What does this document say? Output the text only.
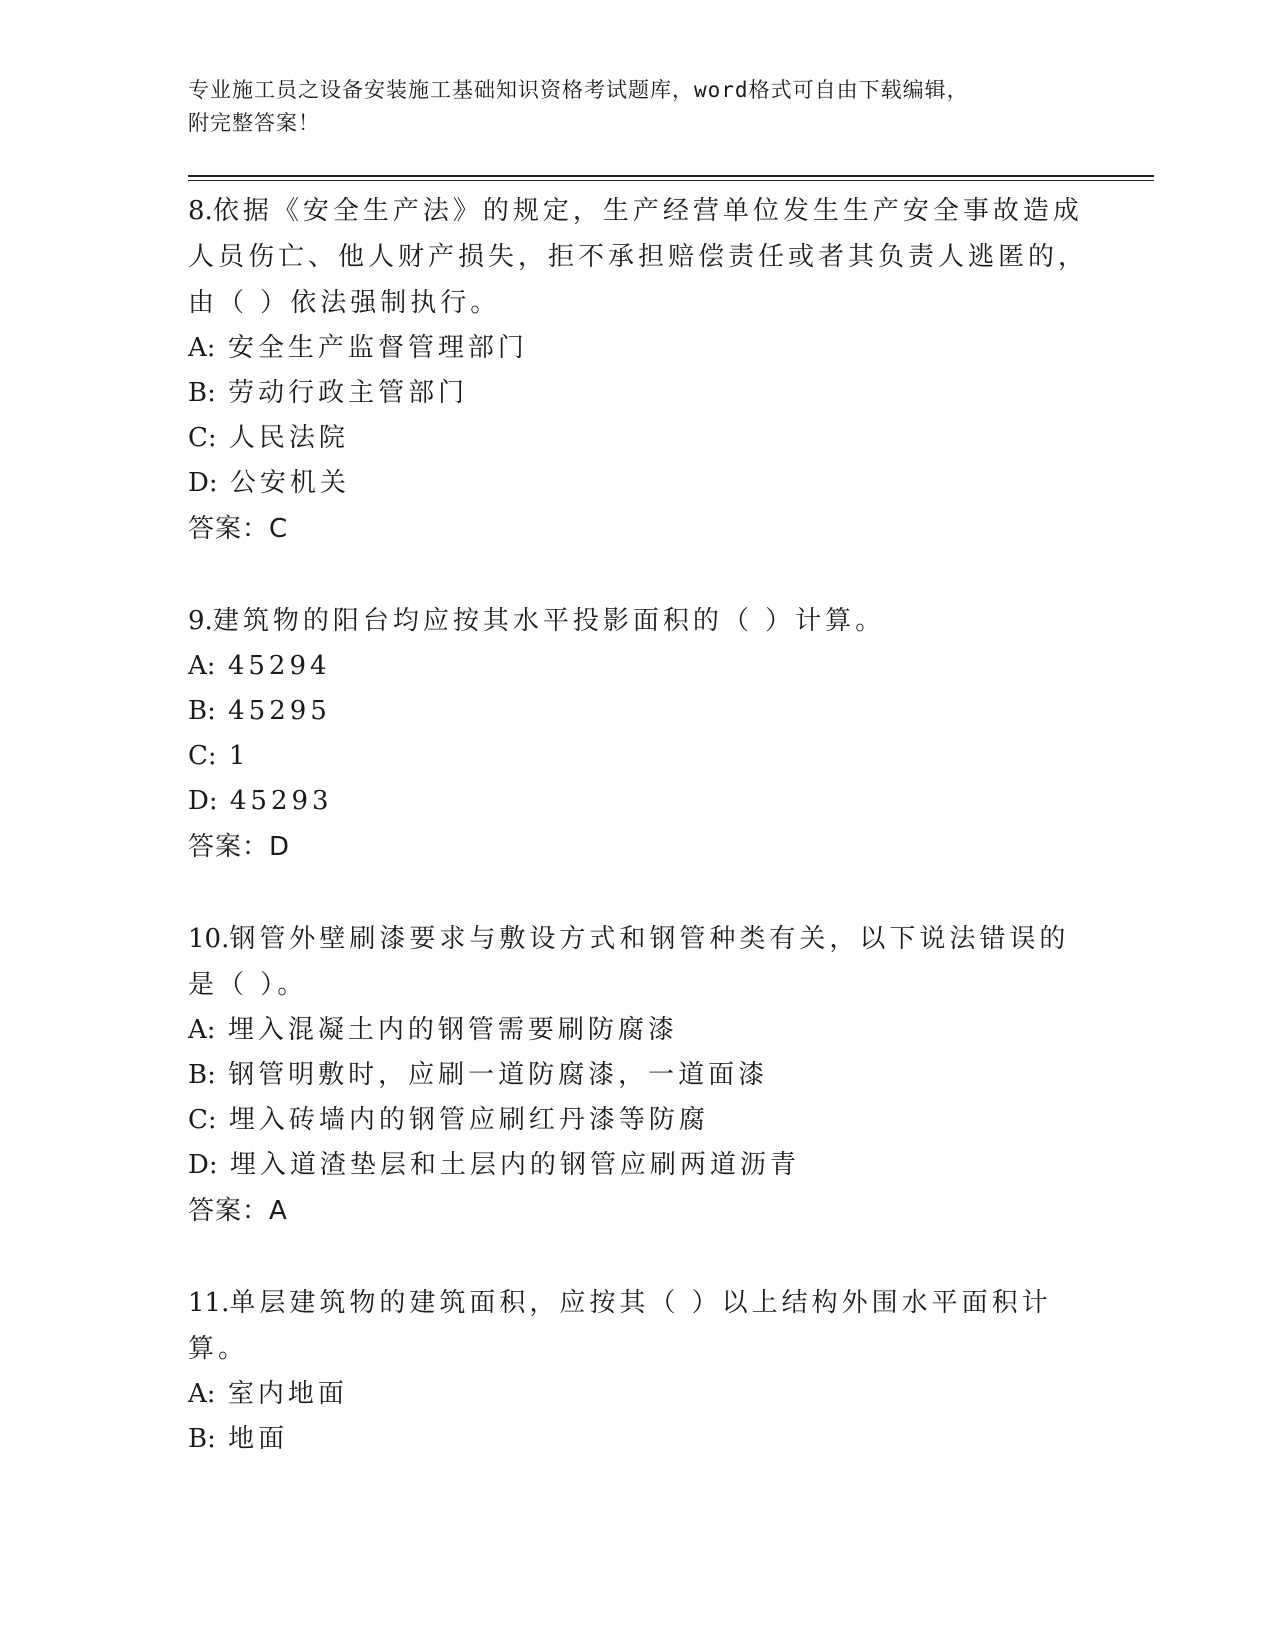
专业施工员之设备安装施工基础知识资格考试题库，word格式可自由下载编辑，
附完整答案！
8.依据《安全生产法》的规定，生产经营单位发生生产安全事故造成人员伤亡、他人财产损失，拒不承担赔偿责任或者其负责人逃匿的，由（ ）依法强制执行。
A: 安全生产监督管理部门
B: 劳动行政主管部门
C: 人民法院
D: 公安机关
答案：C
9.建筑物的阳台均应按其水平投影面积的（ ）计算。
A: 45294
B: 45295
C: 1
D: 45293
答案：D
10.钢管外壁刷漆要求与敷设方式和钢管种类有关，以下说法错误的是（ ）。
A: 埋入混凝土内的钢管需要刷防腐漆
B: 钢管明敷时，应刷一道防腐漆，一道面漆
C: 埋入砖墙内的钢管应刷红丹漆等防腐
D: 埋入道渣垫层和土层内的钢管应刷两道沥青
答案：A
11.单层建筑物的建筑面积，应按其（ ）以上结构外围水平面积计算。
A: 室内地面
B: 地面
